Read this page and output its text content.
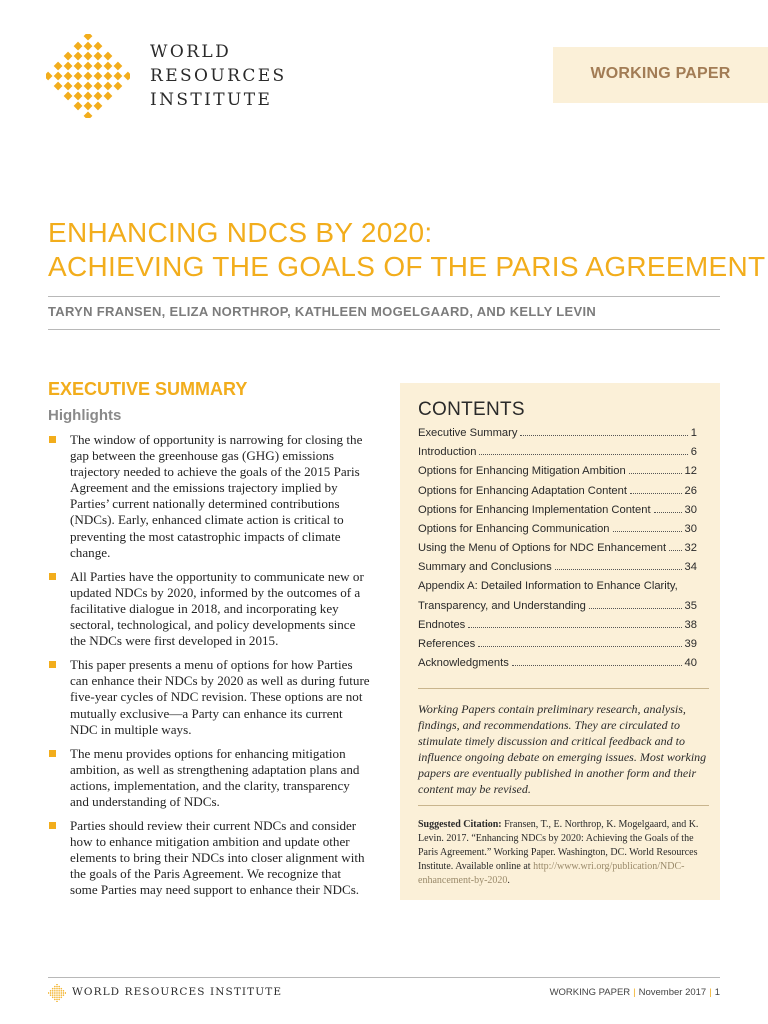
WORLD
RESOURCES
INSTITUTE
WORKING PAPER
ENHANCING NDCS BY 2020:
ACHIEVING THE GOALS OF THE PARIS AGREEMENT
TARYN FRANSEN, ELIZA NORTHROP, KATHLEEN MOGELGAARD, AND KELLY LEVIN
EXECUTIVE SUMMARY
Highlights
The window of opportunity is narrowing for closing the gap between the greenhouse gas (GHG) emissions trajectory needed to achieve the goals of the 2015 Paris Agreement and the emissions trajectory implied by Parties’ current nationally determined contributions (NDCs). Early, enhanced climate action is critical to preventing the most catastrophic impacts of climate change.
All Parties have the opportunity to communicate new or updated NDCs by 2020, informed by the outcomes of a facilitative dialogue in 2018, and incorporating key sectoral, technological, and policy developments since the NDCs were first developed in 2015.
This paper presents a menu of options for how Parties can enhance their NDCs by 2020 as well as during future five-year cycles of NDC revision. These options are not mutually exclusive—a Party can enhance its current NDC in multiple ways.
The menu provides options for enhancing mitigation ambition, as well as strengthening adaptation plans and actions, implementation, and the clarity, transparency and understanding of NDCs.
Parties should review their current NDCs and consider how to enhance mitigation ambition and update other elements to bring their NDCs into closer alignment with the goals of the Paris Agreement. We recognize that some Parties may need support to enhance their NDCs.
CONTENTS
Executive Summary	1
Introduction	6
Options for Enhancing Mitigation Ambition	12
Options for Enhancing Adaptation Content	26
Options for Enhancing Implementation Content	30
Options for Enhancing Communication	30
Using the Menu of Options for NDC Enhancement 32
Summary and Conclusions	34
Appendix A: Detailed Information to Enhance Clarity,
Transparency, and Understanding	35
Endnotes	38
References	39
Acknowledgments	40
Working Papers contain preliminary research, analysis, findings, and recommendations. They are circulated to stimulate timely discussion and critical feedback and to influence ongoing debate on emerging issues. Most working papers are eventually published in another form and their content may be revised.
Suggested Citation: Fransen, T., E. Northrop, K. Mogelgaard, and K. Levin. 2017. “Enhancing NDCs by 2020: Achieving the Goals of the Paris Agreement.” Working Paper. Washington, DC. World Resources Institute. Available online at http://www.wri.org/publication/NDC-enhancement-by-2020.
WORLD RESOURCES INSTITUTE	WORKING PAPER | November 2017 | 1
